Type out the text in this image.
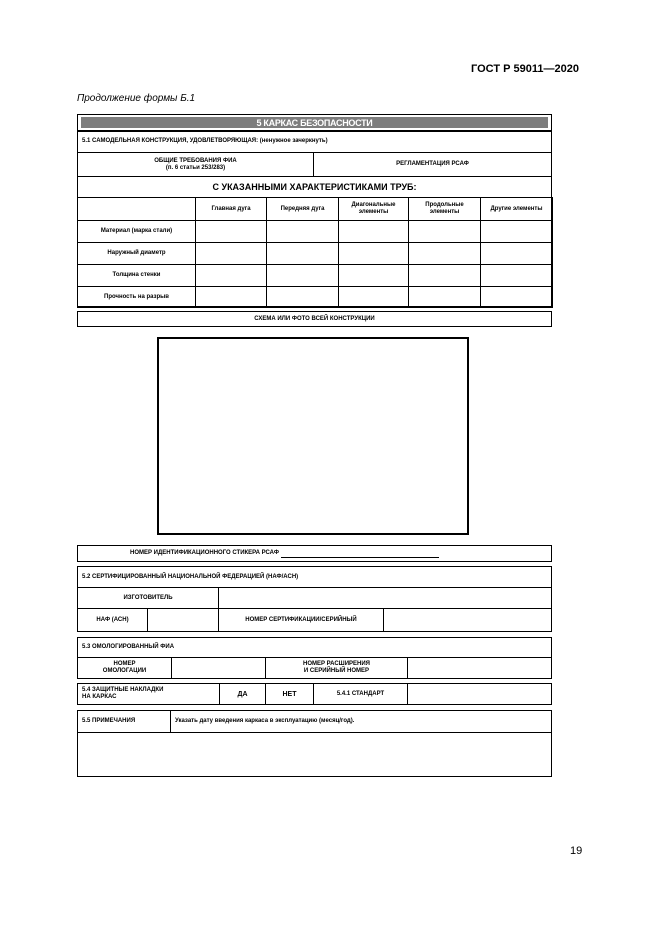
ГОСТ Р 59011—2020
Продолжение формы Б.1
5 КАРКАС БЕЗОПАСНОСТИ
5.1 САМОДЕЛЬНАЯ КОНСТРУКЦИЯ, УДОВЛЕТВОРЯЮЩАЯ: (ненужное зачеркнуть)
ОБЩИЕ ТРЕБОВАНИЯ ФИА
(п. 6 статьи 253/283)
РЕГЛАМЕНТАЦИЯ РСАФ
С УКАЗАННЫМИ ХАРАКТЕРИСТИКАМИ ТРУБ:
	Главная дуга	Передняя дуга	Диагональные элементы	Продольные элементы	Другие элементы
Материал (марка стали)					
Наружный диаметр					
Толщина стенки					
Прочность на разрыв					
СХЕМА ИЛИ ФОТО ВСЕЙ КОНСТРУКЦИИ
НОМЕР ИДЕНТИФИКАЦИОННОГО СТИКЕРА РСАФ
5.2 СЕРТИФИЦИРОВАННЫЙ НАЦИОНАЛЬНОЙ ФЕДЕРАЦИЕЙ (НАФ/АСН)
ИЗГОТОВИТЕЛЬ
НАФ (АСН)	НОМЕР СЕРТИФИКАЦИИ/СЕРИЙНЫЙ
5.3 ОМОЛОГИРОВАННЫЙ ФИА
НОМЕР
ОМОЛОГАЦИИ
НОМЕР РАСШИРЕНИЯ
И СЕРИЙНЫЙ НОМЕР
5.4 ЗАЩИТНЫЕ НАКЛАДКИ
НА КАРКАС	ДА	НЕТ	5.4.1 СТАНДАРТ
5.5 ПРИМЕЧАНИЯ	Указать дату введения каркаса в эксплуатацию (месяц/год).
19
